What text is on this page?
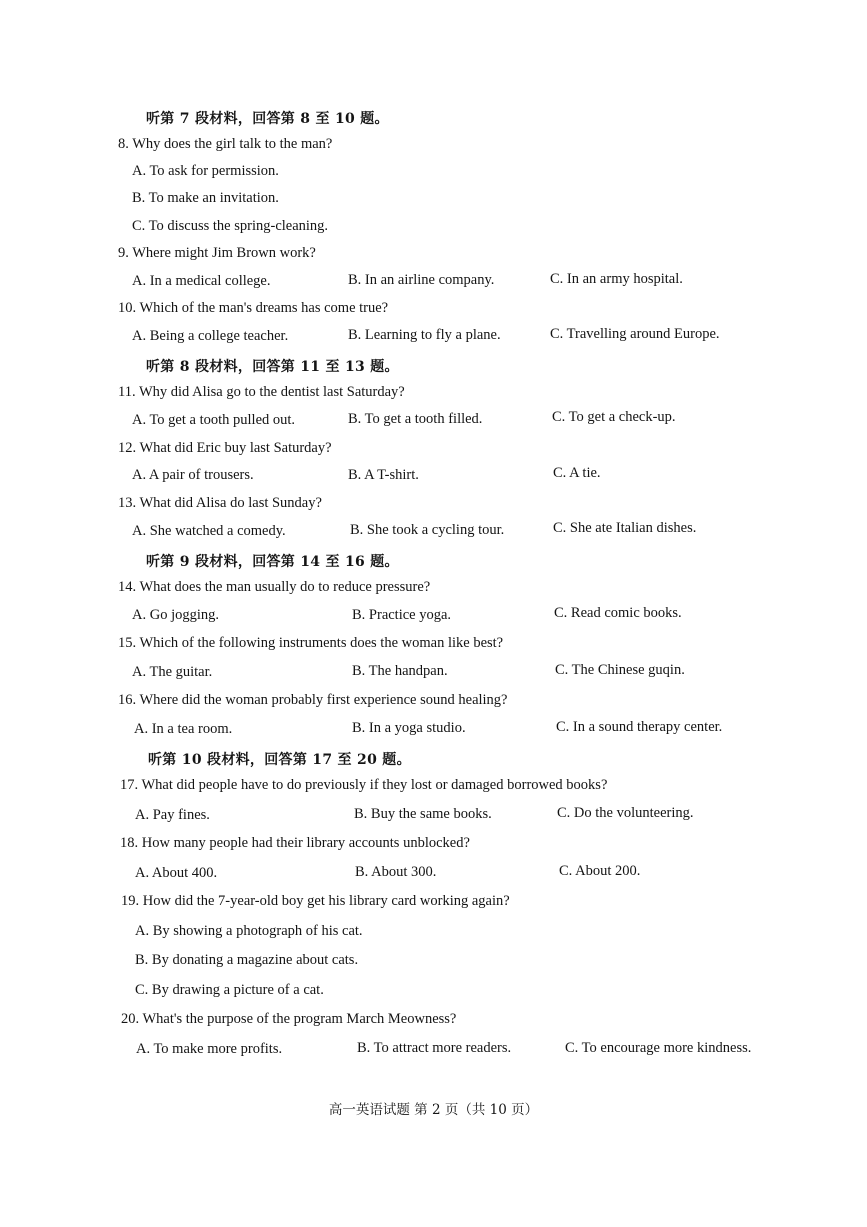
听第 7 段材料，回答第 8 至 10 题。
8. Why does the girl talk to the man?
A. To ask for permission.
B. To make an invitation.
C. To discuss the spring-cleaning.
9. Where might Jim Brown work?
A. In a medical college.	B. In an airline company.	C. In an army hospital.
10. Which of the man's dreams has come true?
A. Being a college teacher.	B. Learning to fly a plane.	C. Travelling around Europe.
听第 8 段材料，回答第 11 至 13 题。
11. Why did Alisa go to the dentist last Saturday?
A. To get a tooth pulled out.	B. To get a tooth filled.	C. To get a check-up.
12. What did Eric buy last Saturday?
A. A pair of trousers.	B. A T-shirt.	C. A tie.
13. What did Alisa do last Sunday?
A. She watched a comedy.	B. She took a cycling tour.	C. She ate Italian dishes.
听第 9 段材料，回答第 14 至 16 题。
14. What does the man usually do to reduce pressure?
A. Go jogging.	B. Practice yoga.	C. Read comic books.
15. Which of the following instruments does the woman like best?
A. The guitar.	B. The handpan.	C. The Chinese guqin.
16. Where did the woman probably first experience sound healing?
A. In a tea room.	B. In a yoga studio.	C. In a sound therapy center.
听第 10 段材料，回答第 17 至 20 题。
17. What did people have to do previously if they lost or damaged borrowed books?
A. Pay fines.	B. Buy the same books.	C. Do the volunteering.
18. How many people had their library accounts unblocked?
A. About 400.	B. About 300.	C. About 200.
19. How did the 7-year-old boy get his library card working again?
A. By showing a photograph of his cat.
B. By donating a magazine about cats.
C. By drawing a picture of a cat.
20. What's the purpose of the program March Meowness?
A. To make more profits.	B. To attract more readers.	C. To encourage more kindness.
高一英语试题 第 2 页（共 10 页）
